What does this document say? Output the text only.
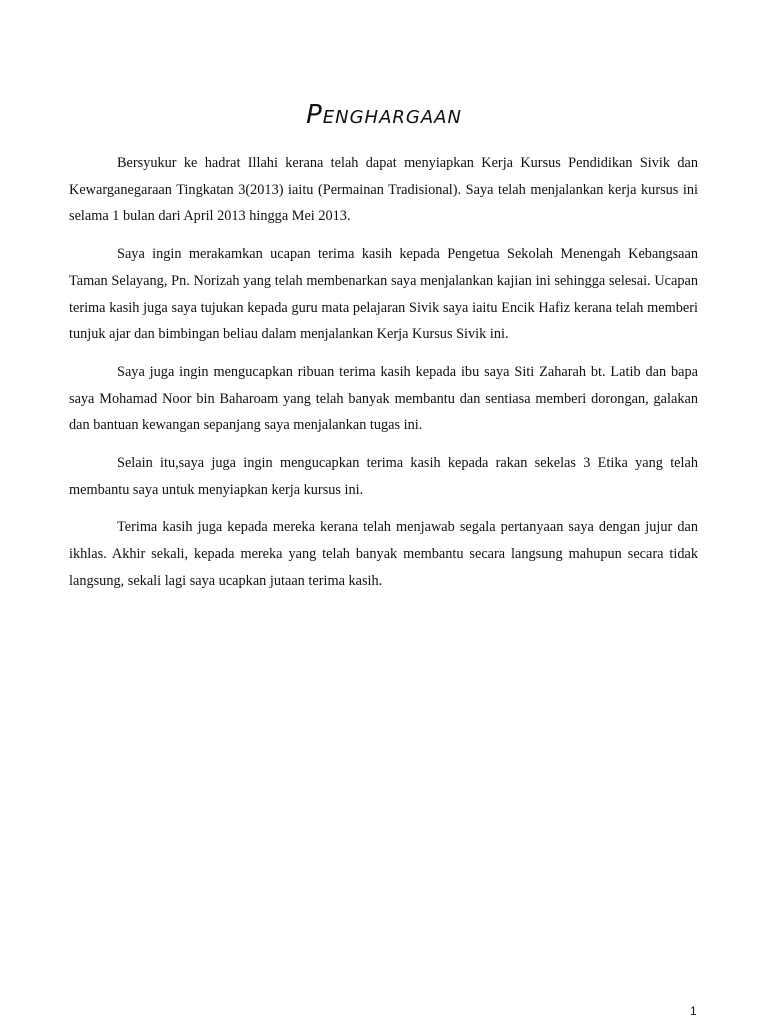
Penghargaan

Bersyukur ke hadrat Illahi kerana telah dapat menyiapkan Kerja Kursus Pendidikan Sivik dan Kewarganegaraan Tingkatan 3(2013) iaitu (Permainan Tradisional). Saya telah menjalankan kerja kursus ini selama 1 bulan dari April 2013 hingga Mei 2013.

Saya ingin merakamkan ucapan terima kasih kepada Pengetua Sekolah Menengah Kebangsaan Taman Selayang, Pn. Norizah yang telah membenarkan saya menjalankan kajian ini sehingga selesai. Ucapan terima kasih juga saya tujukan kepada guru mata pelajaran Sivik saya iaitu Encik Hafiz kerana telah memberi tunjuk ajar dan bimbingan beliau dalam menjalankan Kerja Kursus Sivik ini.

Saya juga ingin mengucapkan ribuan terima kasih kepada ibu saya Siti Zaharah bt. Latib dan bapa saya Mohamad Noor bin Baharoam yang telah banyak membantu dan sentiasa memberi dorongan, galakan dan bantuan kewangan sepanjang saya menjalankan tugas ini.

Selain itu,saya juga ingin mengucapkan terima kasih kepada rakan sekelas 3 Etika yang telah membantu saya untuk menyiapkan kerja kursus ini.

Terima kasih juga kepada mereka kerana telah menjawab segala pertanyaan saya dengan jujur dan ikhlas. Akhir sekali, kepada mereka yang telah banyak membantu secara langsung mahupun secara tidak langsung, sekali lagi saya ucapkan jutaan terima kasih.

1
